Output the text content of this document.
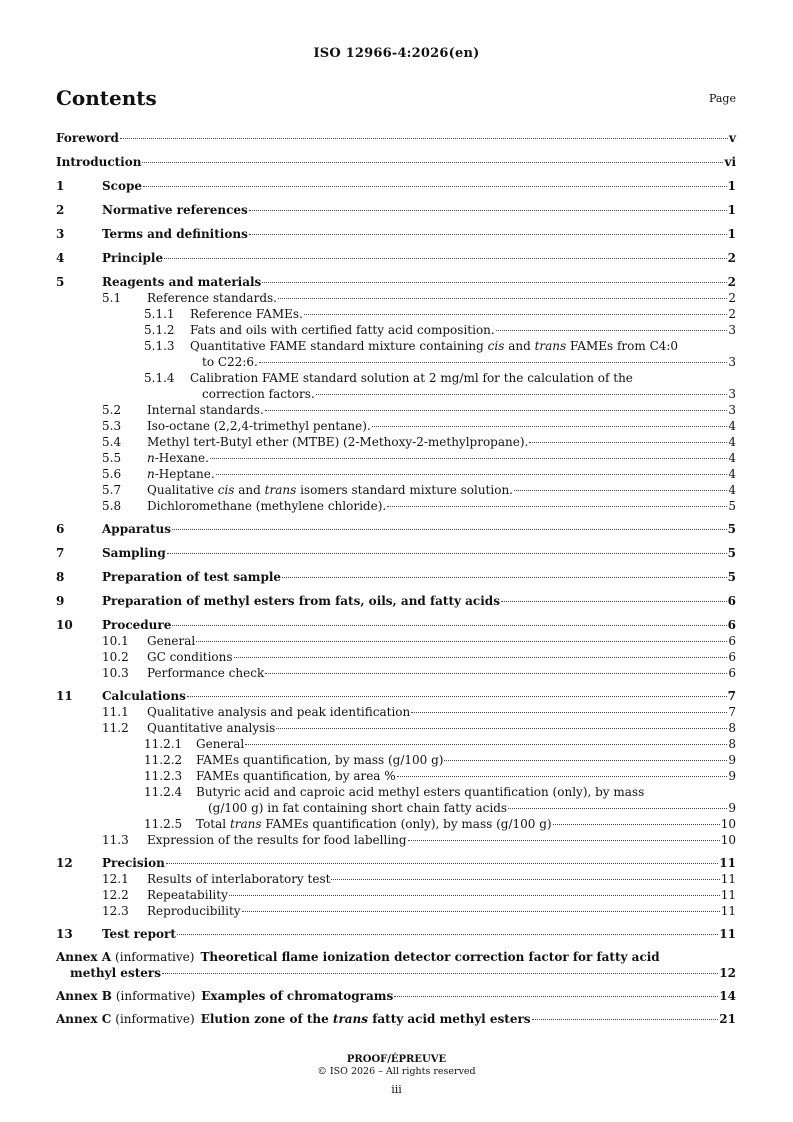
ISO 12966-4:2026(en)
Contents	Page
Foreword	v
Introduction	vi
1	Scope	1
2	Normative references	1
3	Terms and definitions	1
4	Principle	2
5	Reagents and materials	2
5.1	Reference standards.	2
5.1.1	Reference FAMEs.	2
5.1.2	Fats and oils with certified fatty acid composition.	3
5.1.3	Quantitative FAME standard mixture containing cis and trans FAMEs from C4:0
to C22:6.	3
5.1.4	Calibration FAME standard solution at 2 mg/ml for the calculation of the
correction factors.	3
5.2	Internal standards.	3
5.3	Iso-octane (2,2,4-trimethyl pentane).	4
5.4	Methyl tert-Butyl ether (MTBE) (2-Methoxy-2-methylpropane).	4
5.5	n-Hexane.	4
5.6	n-Heptane.	4
5.7	Qualitative cis and trans isomers standard mixture solution.	4
5.8	Dichloromethane (methylene chloride).	5
6	Apparatus	5
7	Sampling	5
8	Preparation of test sample	5
9	Preparation of methyl esters from fats, oils, and fatty acids	6
10	Procedure	6
10.1	General	6
10.2	GC conditions	6
10.3	Performance check	6
11	Calculations	7
11.1	Qualitative analysis and peak identification	7
11.2	Quantitative analysis	8
11.2.1	General	8
11.2.2	FAMEs quantification, by mass (g/100 g)	9
11.2.3	FAMEs quantification, by area %	9
11.2.4	Butyric acid and caproic acid methyl esters quantification (only), by mass
(g/100 g) in fat containing short chain fatty acids	9
11.2.5	Total trans FAMEs quantification (only), by mass (g/100 g)	10
11.3	Expression of the results for food labelling	10
12	Precision	11
12.1	Results of interlaboratory test	11
12.2	Repeatability	11
12.3	Reproducibility	11
13	Test report	11
Annex A (informative) Theoretical flame ionization detector correction factor for fatty acid
methyl esters	12
Annex B (informative) Examples of chromatograms	14
Annex C (informative) Elution zone of the trans fatty acid methyl esters	21
PROOF/ÉPREUVE
© ISO 2026 – All rights reserved
iii
